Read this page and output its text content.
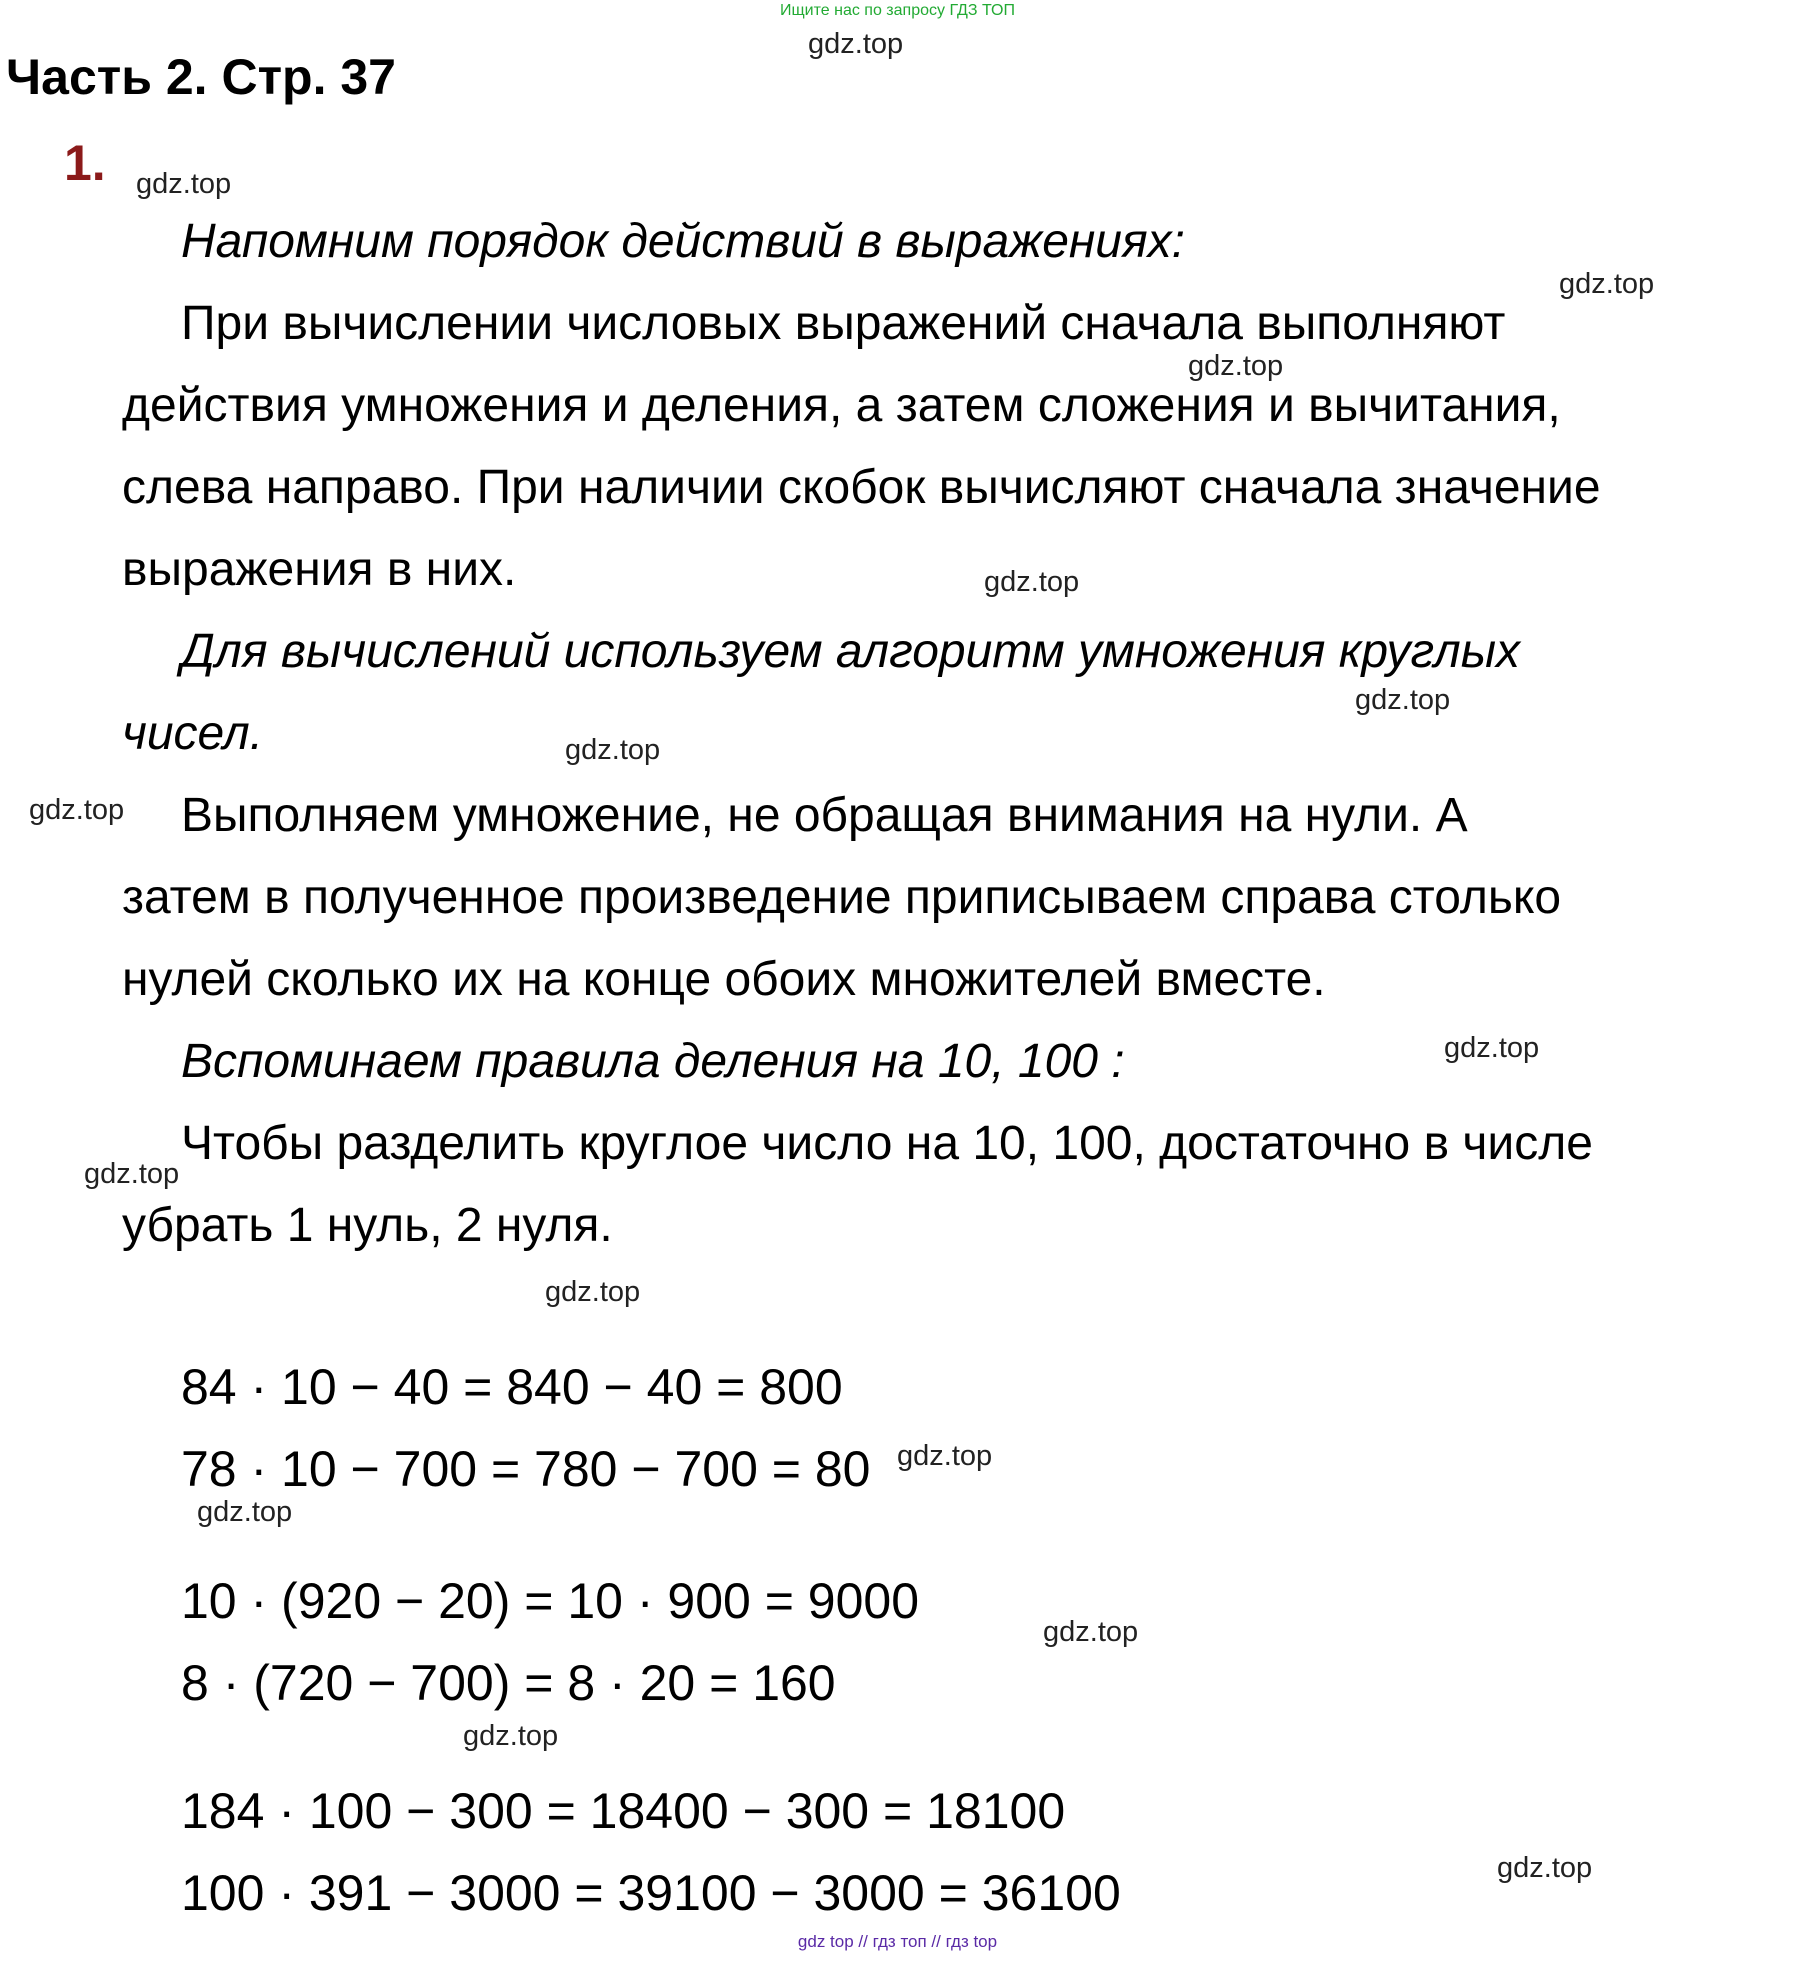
Ищите нас по запросу ГДЗ ТОП
Часть 2. Стр. 37
1.
Напомним порядок действий в выражениях:
При вычислении числовых выражений сначала выполняют
действия умножения и деления, а затем сложения и вычитания,
слева направо. При наличии скобок вычисляют сначала значение
выражения в них.
Для вычислений используем алгоритм умножения круглых
чисел.
Выполняем умножение, не обращая внимания на нули. А
затем в полученное произведение приписываем справа столько
нулей сколько их на конце обоих множителей вместе.
Вспоминаем правила деления на 10, 100 :
Чтобы разделить круглое число на 10, 100, достаточно в числе
убрать 1 нуль, 2 нуля.
84 · 10 − 40 = 840 − 40 = 800
78 · 10 − 700 = 780 − 700 = 80
10 · (920 − 20) = 10 · 900 = 9000
8 · (720 − 700) = 8 · 20 = 160
184 · 100 − 300 = 18400 − 300 = 18100
100 · 391 − 3000 = 39100 − 3000 = 36100
gdz.top
gdz.top
gdz.top
gdz.top
gdz.top
gdz.top
gdz.top
gdz.top
gdz.top
gdz.top
gdz.top
gdz.top
gdz.top
gdz.top
gdz.top
gdz.top
gdz top // гдз топ // гдз top
